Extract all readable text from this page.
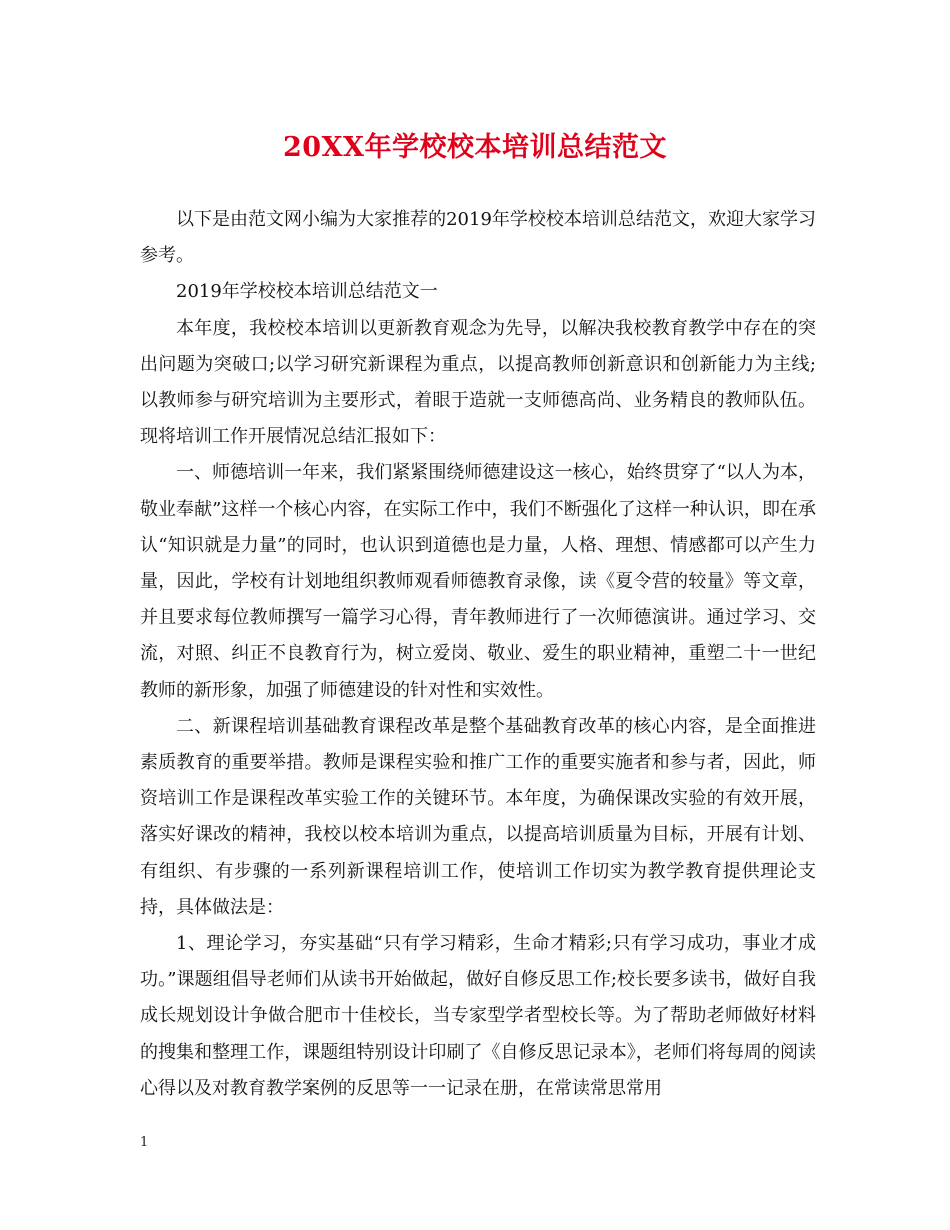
20XX年学校校本培训总结范文

以下是由范文网小编为大家推荐的2019年学校校本培训总结范文，欢迎大家学习参考。

2019年学校校本培训总结范文一

本年度，我校校本培训以更新教育观念为先导，以解决我校教育教学中存在的突出问题为突破口;以学习研究新课程为重点，以提高教师创新意识和创新能力为主线;以教师参与研究培训为主要形式，着眼于造就一支师德高尚、业务精良的教师队伍。现将培训工作开展情况总结汇报如下：

一、师德培训一年来，我们紧紧围绕师德建设这一核心，始终贯穿了“以人为本，敬业奉献”这样一个核心内容，在实际工作中，我们不断强化了这样一种认识，即在承认“知识就是力量”的同时，也认识到道德也是力量，人格、理想、情感都可以产生力量，因此，学校有计划地组织教师观看师德教育录像，读《夏令营的较量》等文章，并且要求每位教师撰写一篇学习心得，青年教师进行了一次师德演讲。通过学习、交流，对照、纠正不良教育行为，树立爱岗、敬业、爱生的职业精神，重塑二十一世纪教师的新形象，加强了师德建设的针对性和实效性。

二、新课程培训基础教育课程改革是整个基础教育改革的核心内容，是全面推进素质教育的重要举措。教师是课程实验和推广工作的重要实施者和参与者，因此，师资培训工作是课程改革实验工作的关键环节。本年度，为确保课改实验的有效开展，落实好课改的精神，我校以校本培训为重点，以提高培训质量为目标，开展有计划、有组织、有步骤的一系列新课程培训工作，使培训工作切实为教学教育提供理论支持，具体做法是：

1、理论学习，夯实基础“只有学习精彩，生命才精彩;只有学习成功，事业才成功。”课题组倡导老师们从读书开始做起，做好自修反思工作;校长要多读书，做好自我成长规划设计争做合肥市十佳校长，当专家型学者型校长等。为了帮助老师做好材料的搜集和整理工作，课题组特别设计印刷了《自修反思记录本》，老师们将每周的阅读心得以及对教育教学案例的反思等一一记录在册，在常读常思常用

1
